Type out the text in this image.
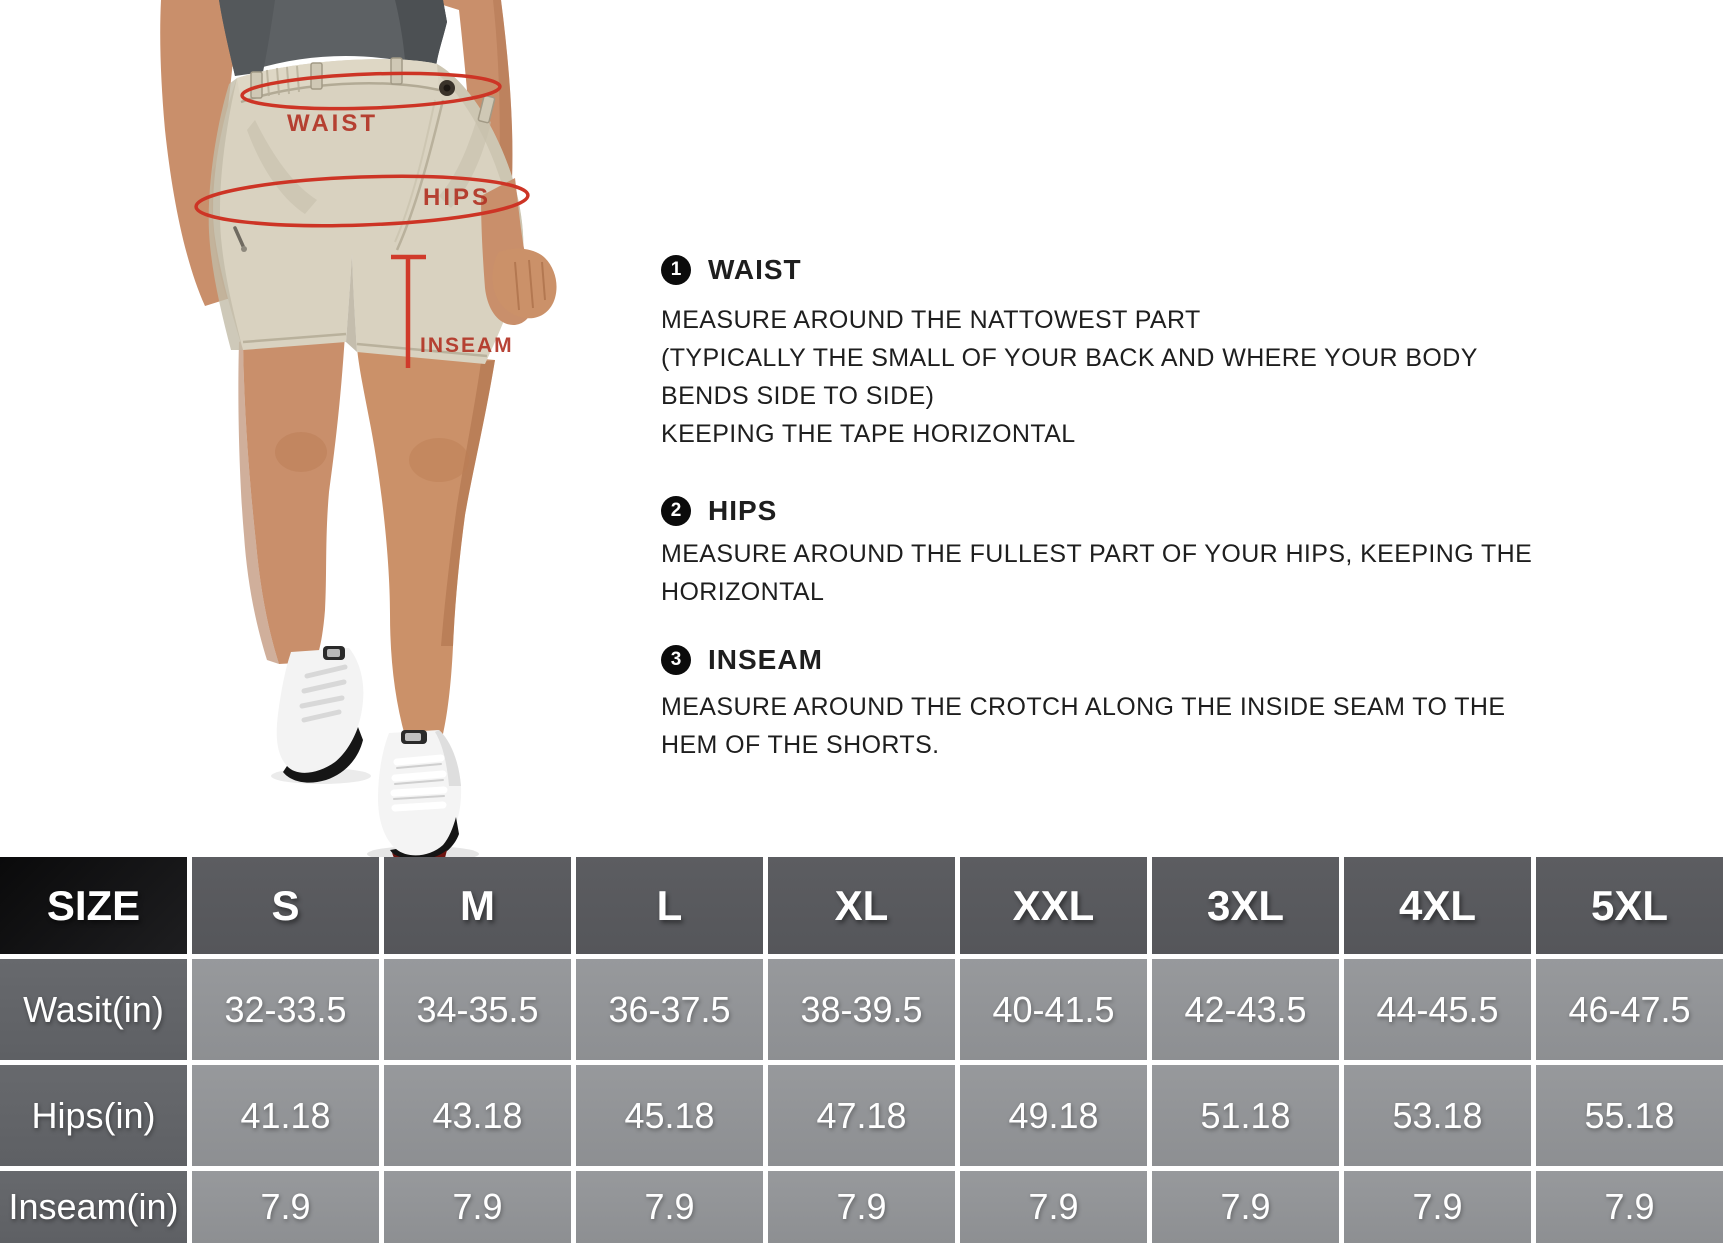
WAIST
HIPS
INSEAM
1 WAIST
MEASURE AROUND THE NATTOWEST PART
(TYPICALLY THE SMALL OF YOUR BACK AND WHERE YOUR BODY
BENDS SIDE TO SIDE)
KEEPING THE TAPE HORIZONTAL
2 HIPS
MEASURE AROUND THE FULLEST PART OF YOUR HIPS, KEEPING THE
HORIZONTAL
3 INSEAM
MEASURE AROUND THE CROTCH ALONG THE INSIDE SEAM TO THE
HEM OF THE SHORTS.
SIZE	S	M	L	XL	XXL	3XL	4XL	5XL
Wasit(in)	32-33.5	34-35.5	36-37.5	38-39.5	40-41.5	42-43.5	44-45.5	46-47.5
Hips(in)	41.18	43.18	45.18	47.18	49.18	51.18	53.18	55.18
Inseam(in)	7.9	7.9	7.9	7.9	7.9	7.9	7.9	7.9
